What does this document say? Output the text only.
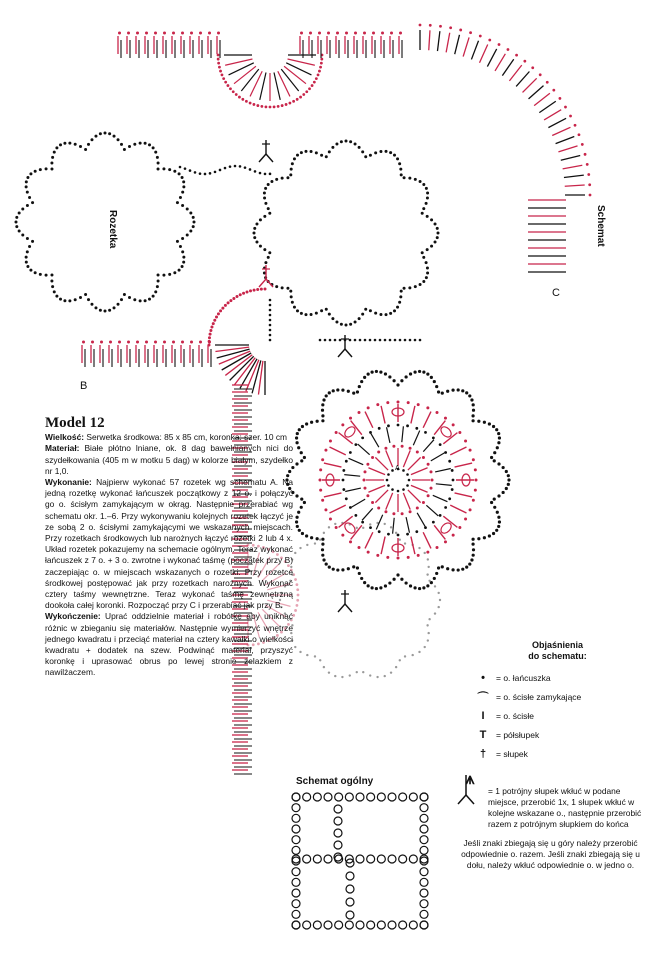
Rozetka	Schemat
B
C
A
Schemat ogólny
Model 12

Wielkość: Serwetka środkowa: 85 x 85 cm, koronka: szer. 10 cm

Materiał: Białe płótno lniane, ok. 8 dag bawełnianych nici do szydełkowania (405 m w motku 5 dag) w kolorze białym, szydełko nr 1,0.

Wykonanie: Najpierw wykonać 57 rozetek wg schematu A. Na jedną rozetkę wykonać łańcuszek początkowy z 12 o. i połączyć go o. ścisłym zamykającym w okrąg. Następnie przerabiać wg schematu okr. 1.–6. Przy wykonywaniu kolejnych rozetek łączyć je ze sobą 2 o. ścisłymi zamykającymi we wskazanych miejscach. Przy rozetkach środkowych lub narożnych łączyć rozetki 2 lub 4 x. Układ rozetek pokazujemy na schemacie ogólnym. Teraz wykonać łańcuszek z 7 o. + 3 o. zwrotne i wykonać taśmę (początek przy B) zaczepiając o. w miejscach wskazanych o rozetki. Przy rozetce środkowej postępować jak przy rozetkach narożnych. Wykonać cztery taśmy wewnętrzne. Teraz wykonać taśmę zewnętrzną dookoła całej koronki. Rozpocząć przy C i przerabiać jak przy B.

Wykończenie: Uprać oddzielnie materiał i robótkę aby uniknąć różnic w zbieganiu się materiałów. Następnie wymierzyć wnętrze jednego kwadratu i przeciąć materiał na cztery kawałki o wielkości kwadratu + dodatek na szew. Podwinąć materiał, przyszyć koronkę i uprasować obrus po lewej stronie żelazkiem z nawilżaczem.

Objaśnienia
do schematu:
•	= o. łańcuszka
⌒ = o. ścisłe zamykające
I	= o. ścisłe
T	= półsłupek
†	= słupek
⩚
= 1 potrójny słupek wkłuć w podane miejsce, przerobić 1x, 1 słupek wkłuć w kolejne wskazane o., następnie przerobić razem z potrójnym słupkiem do końca

Jeśli znaki zbiegają się u góry należy przerobić odpowiednie o. razem. Jeśli znaki zbiegają się u dołu, należy wkłuć odpowiednie o. w jedno o.
